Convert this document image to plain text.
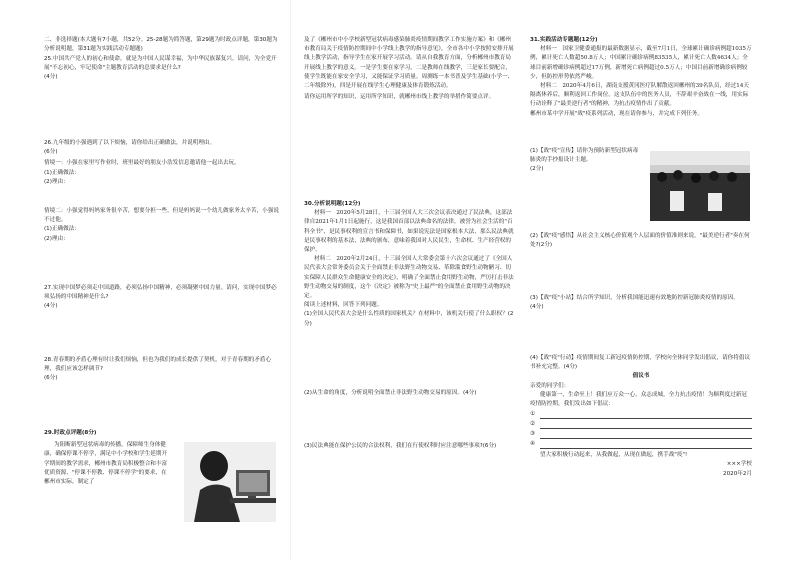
二、非选择题(本大题有7小题，共52分。25-28题为简答题，第29题为时政点评题，第30题为分析说明题，第31题为实践活动专题题)

25.中国共产党人的初心和使命，就是为中国人民谋幸福，为中华民族谋复兴。请问，为全党开展"不忘初心，牢记使命"主题教育活动的总要求是什么?

(4分)

26.九年级的小强遇到了以下烦恼，请你给出正确做法，并说明理由。

(6分)

情境一：小强在家里写作业时，班里最好的朋友小浩发信息邀请他一起出去玩。

(1)正确做法：

(2)理由：

情境二：小强觉得妈妈家务很辛苦，想要分担一些，但是妈妈说一个幼儿做家务太辛苦，小强说不过他。

(1)正确做法：

(2)理由：

27.实现中国梦必须走中国道路，必须弘扬中国精神，必须凝聚中国力量。请问，实现中国梦必须弘扬的中国精神是什么?

(4分)

28.青春期的矛盾心理有时让我们烦恼，但也为我们的成长提供了契机，对于青春期的矛盾心理，我们应该怎样调节?

(6分)

29.时政点评题(8分)

为阻断新型冠状病毒的传播，保障师生身体健康，确保停课不停学，满足中小学校和学生延期开学期间的教学需求，郴州市教育局积极整合和丰富优质资源，"停课不停教、停课不停学"的要求，在郴州市实际，制定了

及了《郴州市中小学校新型冠状病毒感染肺炎疫情期间教学工作实施方案》和《郴州市教育局关于疫情防控期间中小学线上教学的指导意见》，全市各中小学按照安排开展线上教学活动，指导学生在家开展学习活动。请从自我教育方面，分析郴州市教育局开展线上教学的意义。一是学生要在家学习，二是教师在线教学，三是家长要配合，使学生既能在家安全学习，又能保证学习质量。周测练一本书普及学生基础(小学一、二年级除外)，四是开展在线学生心理健康及体育锻炼活动。

请你运用所学的知识，运用所学知识，就郴州市线上教学的举措作简要点评。

30.分析说明题(12分)

材料一　2020年5月28日，十三届全国人大三次会议表决通过了民法典，这部法律自2021年1月1日起施行，这是我国首部以法典命名的法律，被誉为社会生活的"百科全书"，是民事权利的宣言书和保障书，如果说宪法是国家根本大法，那么民法典就是民事权利的基本法，法典的颁布，意味着我国对人民民生，生命权、生产经营权的保护。

材料二　2020年2月24日，十三届全国人大常委会第十六次会议通过了《全国人民代表大会常务委员会关于全面禁止非法野生动物交易、革除滥食野生动物陋习、切实保障人民群众生命健康安全的决定》，明确了全面禁止食用野生动物，严厉打击非法野生动物交易的制度，这个《决定》被称为"史上最严"的全面禁止食用野生动物的决定。

阅读上述材料，回答下列问题。

(1)全国人民代表大会是什么性质的国家机关？在材料中，该机关行使了什么职权？(2分)

(2)从生命的角度，分析说明全面禁止非法野生动物交易的原因。(4分)

(3)民法典能在保护公民的合法权利，我们在行使权利时应注意哪些事项?(6分)

31.实践活动专题题(12分)

材料一　国家卫健委通报的最新数据显示，截至7月1日，全球累计确诊病例超1035万例，累计死亡人数超50.8万人；中国累计确诊病例83535人，累计死亡人数4634人；全球目前新增确诊病例超过17万例，新增死亡病例超过0.5万人；中国目前新增确诊病例较少，但防控形势依然严峻。

材料二　2020年4月6日，湖南支援黄冈医疗队解散返回郴州的39名队员，经过14天隔离休养后，顺利返回工作岗位。这支队伍中的医务人员，不辞艰辛奋战在一线，用实际行动诠释了"最美逆行者"的精神，为抗击疫情作出了贡献。

郴州市某中学开展"战"疫系列活动，现在请你参与，并完成下列任务。

(1)【战"疫"宣传】请你为预防新型冠状病毒肺炎的手抄报设计主题。

(2分)

(2)【战"疫"感悟】从社会主义核心价值观个人层面的价值准则来说，"最美逆行者"奏在何处?(2分)

(3)【战"疫"小站】结合所学知识，分析我国能迅速有效地防控新冠肺炎疫情的原因。

(4分)

(4)【战"疫"行动】疫情期间复工新冠疫情防控期，学校向全体同学发出倡议，请你将倡议书补充完整。(4分)

倡议书

亲爱的同学们：

健康第一，生命至上！我们应万众一心，众志成城，全力抗击疫情！为顺利度过新冠疫情防控期，我们发出如下倡议：

①
②
③
④

望大家积极行动起来，从我做起，从现在做起，携手战"疫"!

×××学校

2020年2月
